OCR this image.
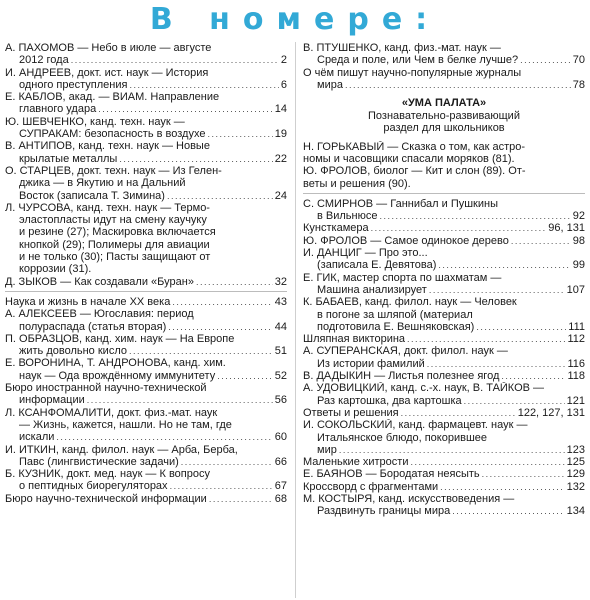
В номере:
А. ПАХОМОВ — Небо в июле — августе
2012 года . . .	2
И. АНДРЕЕВ, докт. ист. наук — История
одного преступления . . .	6
Е. КАБЛОВ, акад. — ВИАМ. Направление
главного удара . . .	14
Ю. ШЕВЧЕНКО, канд. техн. наук —
СУПРАКАМ: безопасность в воздухе . . .	19
В. АНТИПОВ, канд. техн. наук — Новые
крылатые металлы . . .	22
О. СТАРЦЕВ, докт. техн. наук — Из Гелен-
джика — в Якутию и на Дальний
Восток (записала Т. Зимина) . . .	24
Л. ЧУРСОВА, канд. техн. наук — Термо-
эластопласты идут на смену каучуку
и резине (27); Маскировка включается
кнопкой (29); Полимеры для авиации
и не только (30); Пасты защищают от
коррозии (31).
Д. ЗЫКОВ — Как создавали «Буран» . . .	32
Наука и жизнь в начале XX века . . .	43
А. АЛЕКСЕЕВ — Югославия: период
полураспада (статья вторая) . . .	44
П. ОБРАЗЦОВ, канд. хим. наук — На Европе
жить довольно кисло . . .	51
Е. ВОРОНИНА, Т. АНДРОНОВА, канд. хим.
наук — Ода врождённому иммунитету . . .	52
Бюро иностранной научно-технической
информации . . .	56
Л. КСАНФОМАЛИТИ, докт. физ.-мат. наук
— Жизнь, кажется, нашли. Но не там, где
искали . . .	60
И. ИТКИН, канд. филол. наук — Арба, Берба,
Павс (лингвистические задачи) . . .	66
Б. КУЗНИК, докт. мед. наук — К вопросу
о пептидных биорегуляторах . . .	67
Бюро научно-технической информации . . .	68
В. ПТУШЕНКО, канд. физ.-мат. наук —
Среда и поле, или Чем в белке лучше? . . .	70
О чём пишут научно-популярные журналы
мира . . .	78
«УМА ПАЛАТА»
Познавательно-развивающий
раздел для школьников
Н. ГОРЬКАВЫЙ — Сказка о том, как астро-
номы и часовщики спасали моряков (81).
Ю. ФРОЛОВ, биолог — Кит и слон (89). От-
веты и решения (90).
С. СМИРНОВ — Ганнибал и Пушкины
в Вильнюсе . . .	92
Кунсткамера . . .	96, 131
Ю. ФРОЛОВ — Самое одинокое дерево . . .	98
И. ДАНЦИГ — Про это...
(записала Е. Девятова) . . .	99
Е. ГИК, мастер спорта по шахматам —
Машина анализирует . . .	107
К. БАБАЕВ, канд. филол. наук — Человек
в погоне за шляпой (материал
подготовила Е. Вешняковская) . . .	111
Шляпная викторина . . .	112
А. СУПЕРАНСКАЯ, докт. филол. наук —
Из истории фамилий . . .	116
В. ДАДЫКИН — Листья полезнее ягод . . .	118
А. УДОВИЦКИЙ, канд. с.-х. наук, В. ТАЙКОВ —
Раз картошка, два картошка . . .	121
Ответы и решения . . .	122, 127, 131
И. СОКОЛЬСКИЙ, канд. фармацевт. наук —
Итальянское блюдо, покорившее
мир . . .	123
Маленькие хитрости . . .	125
Е. БАЯНОВ — Бородатая неясыть . . .	129
Кроссворд с фрагментами . . .	132
М. КОСТЫРЯ, канд. искусствоведения —
Раздвинуть границы мира . . .	134
